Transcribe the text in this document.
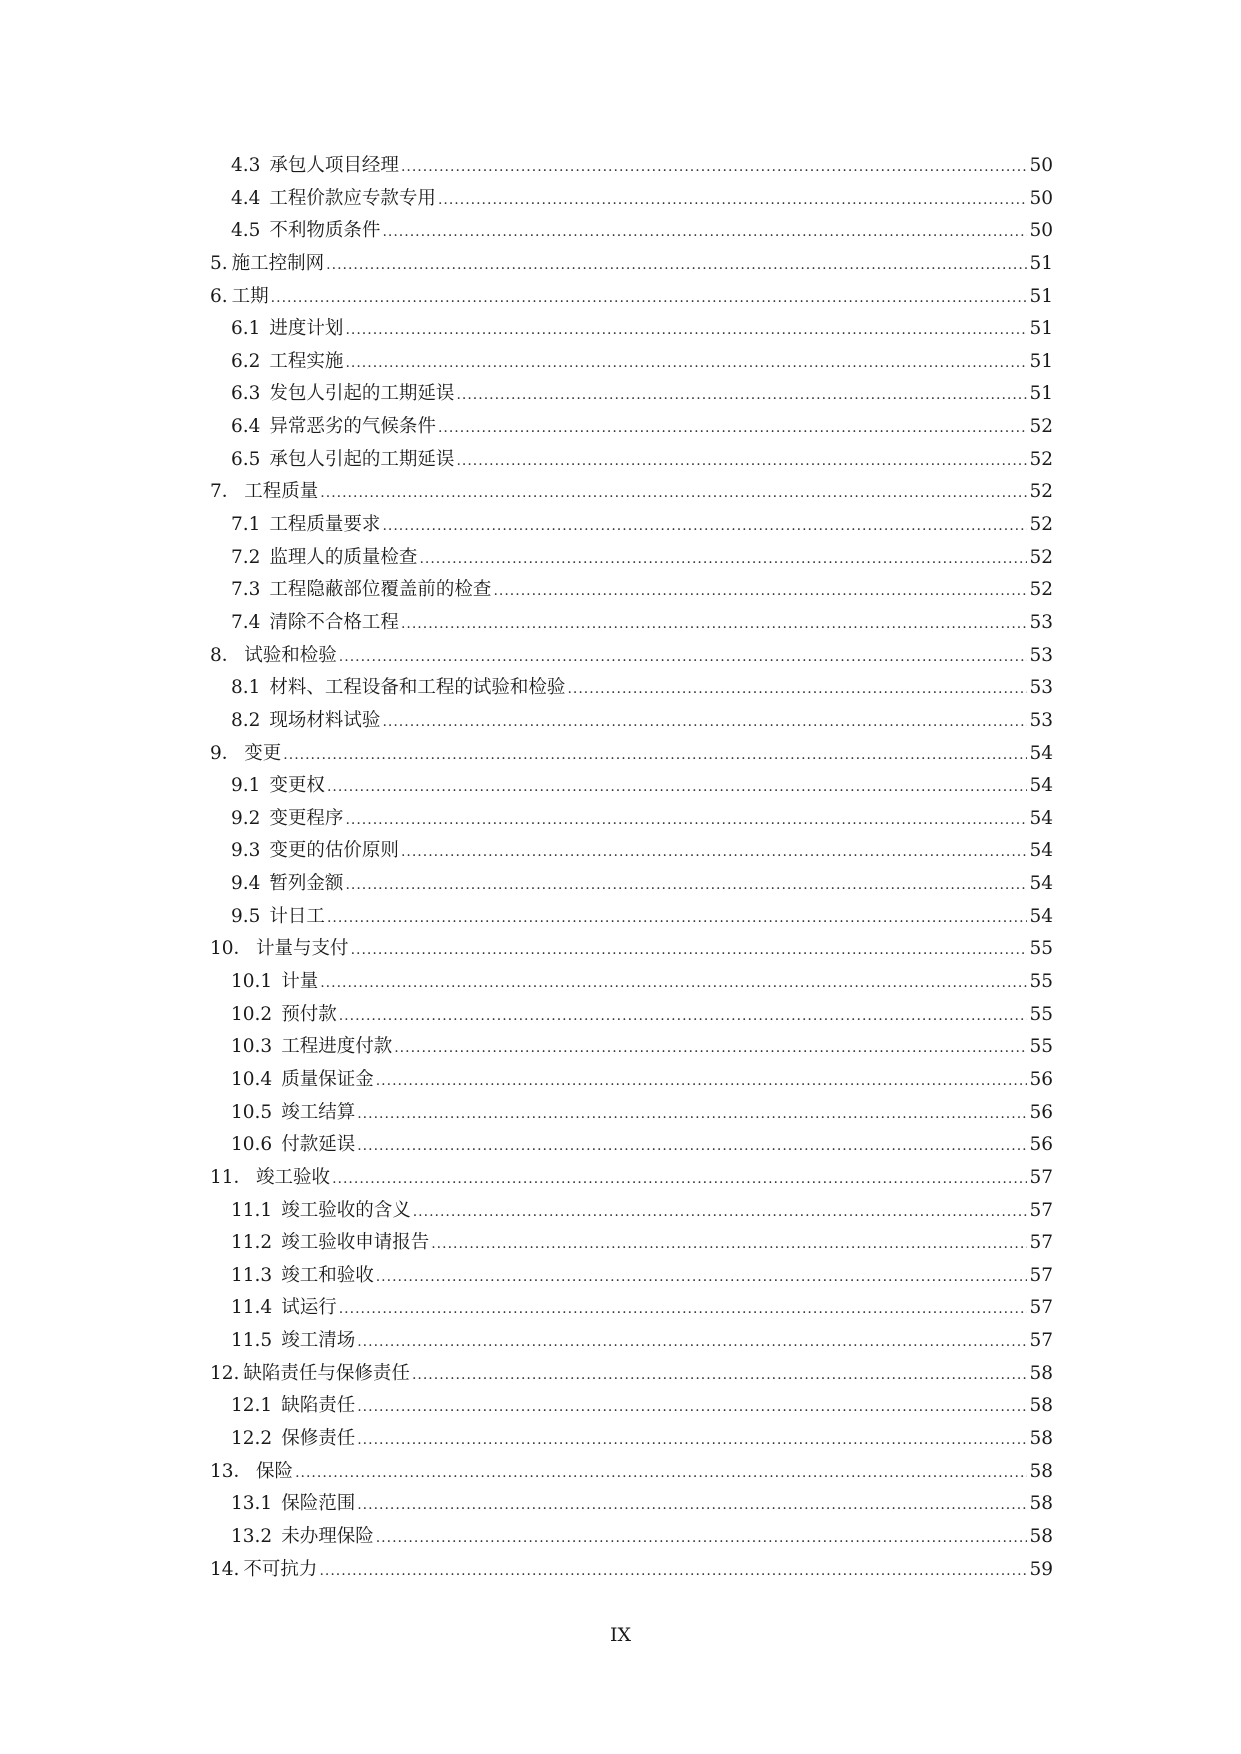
4.3 承包人项目经理 .....	50
4.4 工程价款应专款专用 .....	50
4.5 不利物质条件 .....	50
5. 施工控制网 .....	51
6. 工期 .....	51
6.1 进度计划 .....	51
6.2 工程实施 .....	51
6.3 发包人引起的工期延误 .....	51
6.4 异常恶劣的气候条件 .....	52
6.5 承包人引起的工期延误 .....	52
7． 工程质量 .....	52
7.1 工程质量要求 .....	52
7.2 监理人的质量检查 .....	52
7.3 工程隐蔽部位覆盖前的检查 .....	52
7.4 清除不合格工程 .....	53
8． 试验和检验 .....	53
8.1 材料、工程设备和工程的试验和检验 .....	53
8.2 现场材料试验 .....	53
9． 变更 .....	54
9.1 变更权 .....	54
9.2 变更程序 .....	54
9.3 变更的估价原则 .....	54
9.4 暂列金额 .....	54
9.5 计日工 .....	54
10． 计量与支付 .....	55
10.1 计量 .....	55
10.2 预付款 .....	55
10.3 工程进度付款 .....	55
10.4 质量保证金 .....	56
10.5 竣工结算 .....	56
10.6 付款延误 .....	56
11． 竣工验收 .....	57
11.1 竣工验收的含义 .....	57
11.2 竣工验收申请报告 .....	57
11.3 竣工和验收 .....	57
11.4 试运行 .....	57
11.5 竣工清场 .....	57
12. 缺陷责任与保修责任 .....	58
12.1 缺陷责任 .....	58
12.2 保修责任 .....	58
13． 保险 .....	58
13.1 保险范围 .....	58
13.2 未办理保险 .....	58
14. 不可抗力 .....	59
IX
